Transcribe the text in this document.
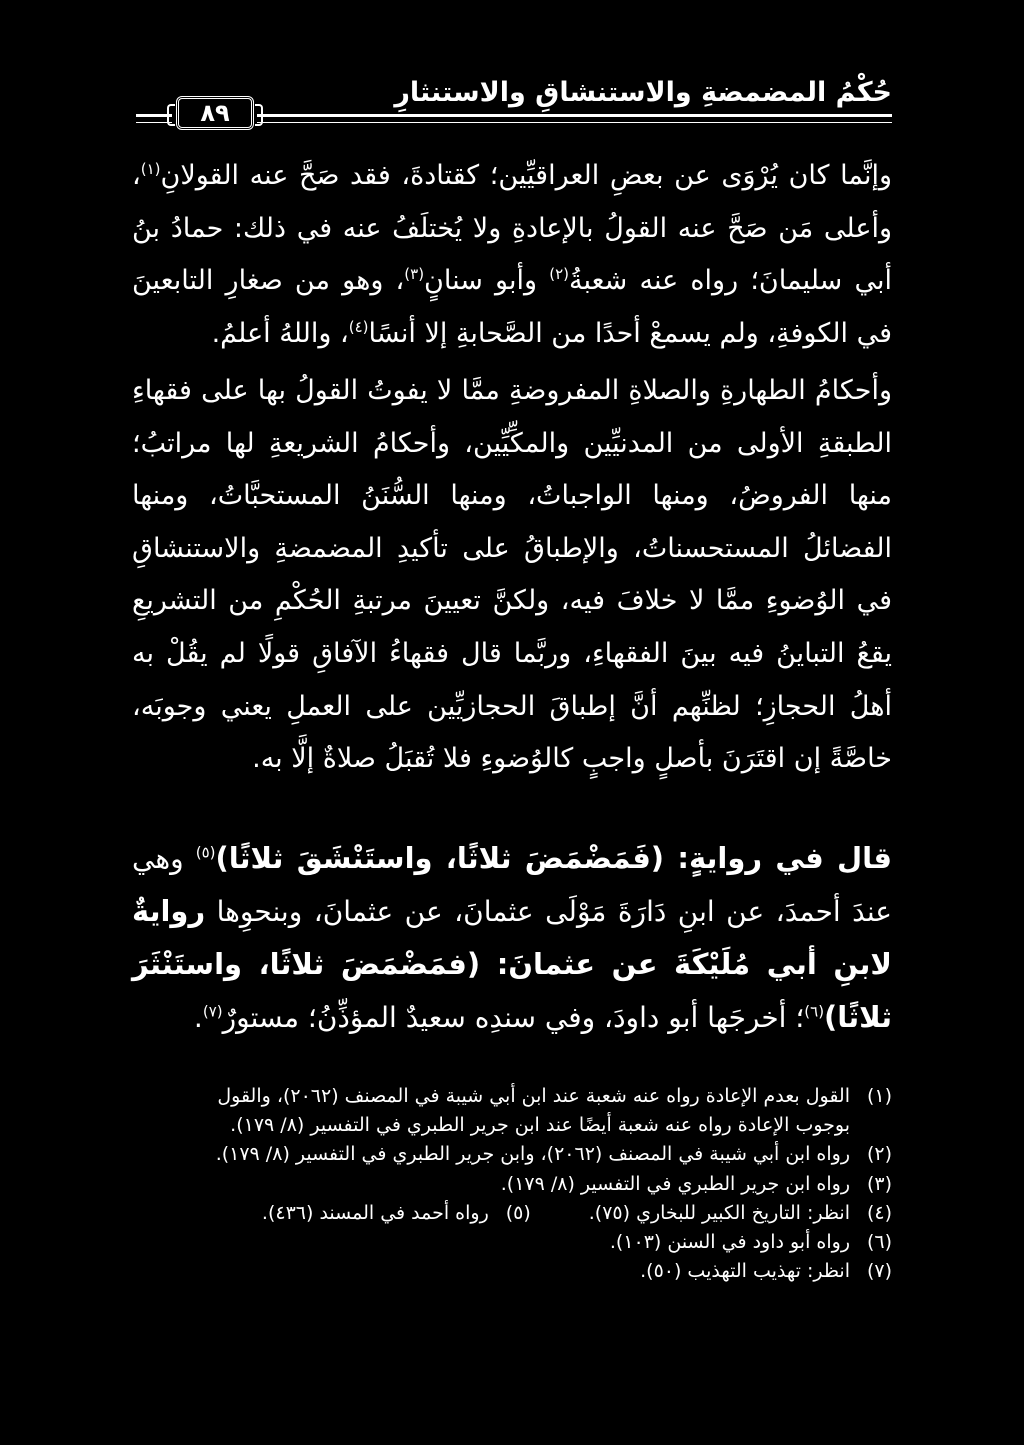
حُكْمُ المضمضةِ والاستنشاقِ والاستنثارِ
٨٩

وإنَّما كان يُرْوَى عن بعضِ العراقيِّين؛ كقتادةَ، فقد صَحَّ عنه القولانِ$^{(١)}$، وأعلى مَن صَحَّ عنه القولُ بالإعادةِ ولا يُختلَفُ عنه في ذلك: حمادُ بنُ أبي سليمانَ؛ رواه عنه شعبةُ$^{(٢)}$ وأبو سنانٍ$^{(٣)}$، وهو من صغارِ التابعينَ في الكوفةِ، ولم يسمعْ أحدًا من الصَّحابةِ إلا أنسًا$^{(٤)}$، واللهُ أعلمُ.

وأحكامُ الطهارةِ والصلاةِ المفروضةِ ممَّا لا يفوتُ القولُ بها على فقهاءِ الطبقةِ الأولى من المدنيِّين والمكِّيِّين، وأحكامُ الشريعةِ لها مراتبُ؛ منها الفروضُ، ومنها الواجباتُ، ومنها السُّنَنُ المستحبَّاتُ، ومنها الفضائلُ المستحسناتُ، والإطباقُ على تأكيدِ المضمضةِ والاستنشاقِ في الوُضوءِ ممَّا لا خلافَ فيه، ولكنَّ تعيينَ مرتبةِ الحُكْمِ من التشريعِ يقعُ التباينُ فيه بينَ الفقهاءِ، وربَّما قال فقهاءُ الآفاقِ قولًا لم يقُلْ به أهلُ الحجازِ؛ لظنِّهم أنَّ إطباقَ الحجازيِّين على العملِ يعني وجوبَه، خاصَّةً إن اقتَرَنَ بأصلٍ واجبٍ كالوُضوءِ فلا تُقبَلُ صلاةٌ إلَّا به.

قال في روايةٍ: (فَمَضْمَضَ ثلاثًا، واستَنْشَقَ ثلاثًا)$^{(٥)}$ وهي عندَ أحمدَ، عن ابنِ دَارَةَ مَوْلَى عثمانَ، عن عثمانَ، وبنحوِها روايةٌ لابنِ أبي مُلَيْكَةَ عن عثمانَ: (فمَضْمَضَ ثلاثًا، واستَنْثَرَ ثلاثًا)$^{(٦)}$؛ أخرجَها أبو داودَ، وفي سندِه سعيدٌ المؤذِّنُ؛ مستورٌ$^{(٧)}$.

(١)
القول بعدم الإعادة رواه عنه شعبة عند ابن أبي شيبة في المصنف (٢٠٦٢)، والقول
بوجوب الإعادة رواه عنه شعبة أيضًا عند ابن جرير الطبري في التفسير (٨/ ١٧٩).
(٢)
رواه ابن أبي شيبة في المصنف (٢٠٦٢)، وابن جرير الطبري في التفسير (٨/ ١٧٩).
(٣)
رواه ابن جرير الطبري في التفسير (٨/ ١٧٩).
(٤)
انظر: التاريخ الكبير للبخاري (٧٥).
(٥)
رواه أحمد في المسند (٤٣٦).
(٦)
رواه أبو داود في السنن (١٠٣).
(٧)
انظر: تهذيب التهذيب (٥٠).
